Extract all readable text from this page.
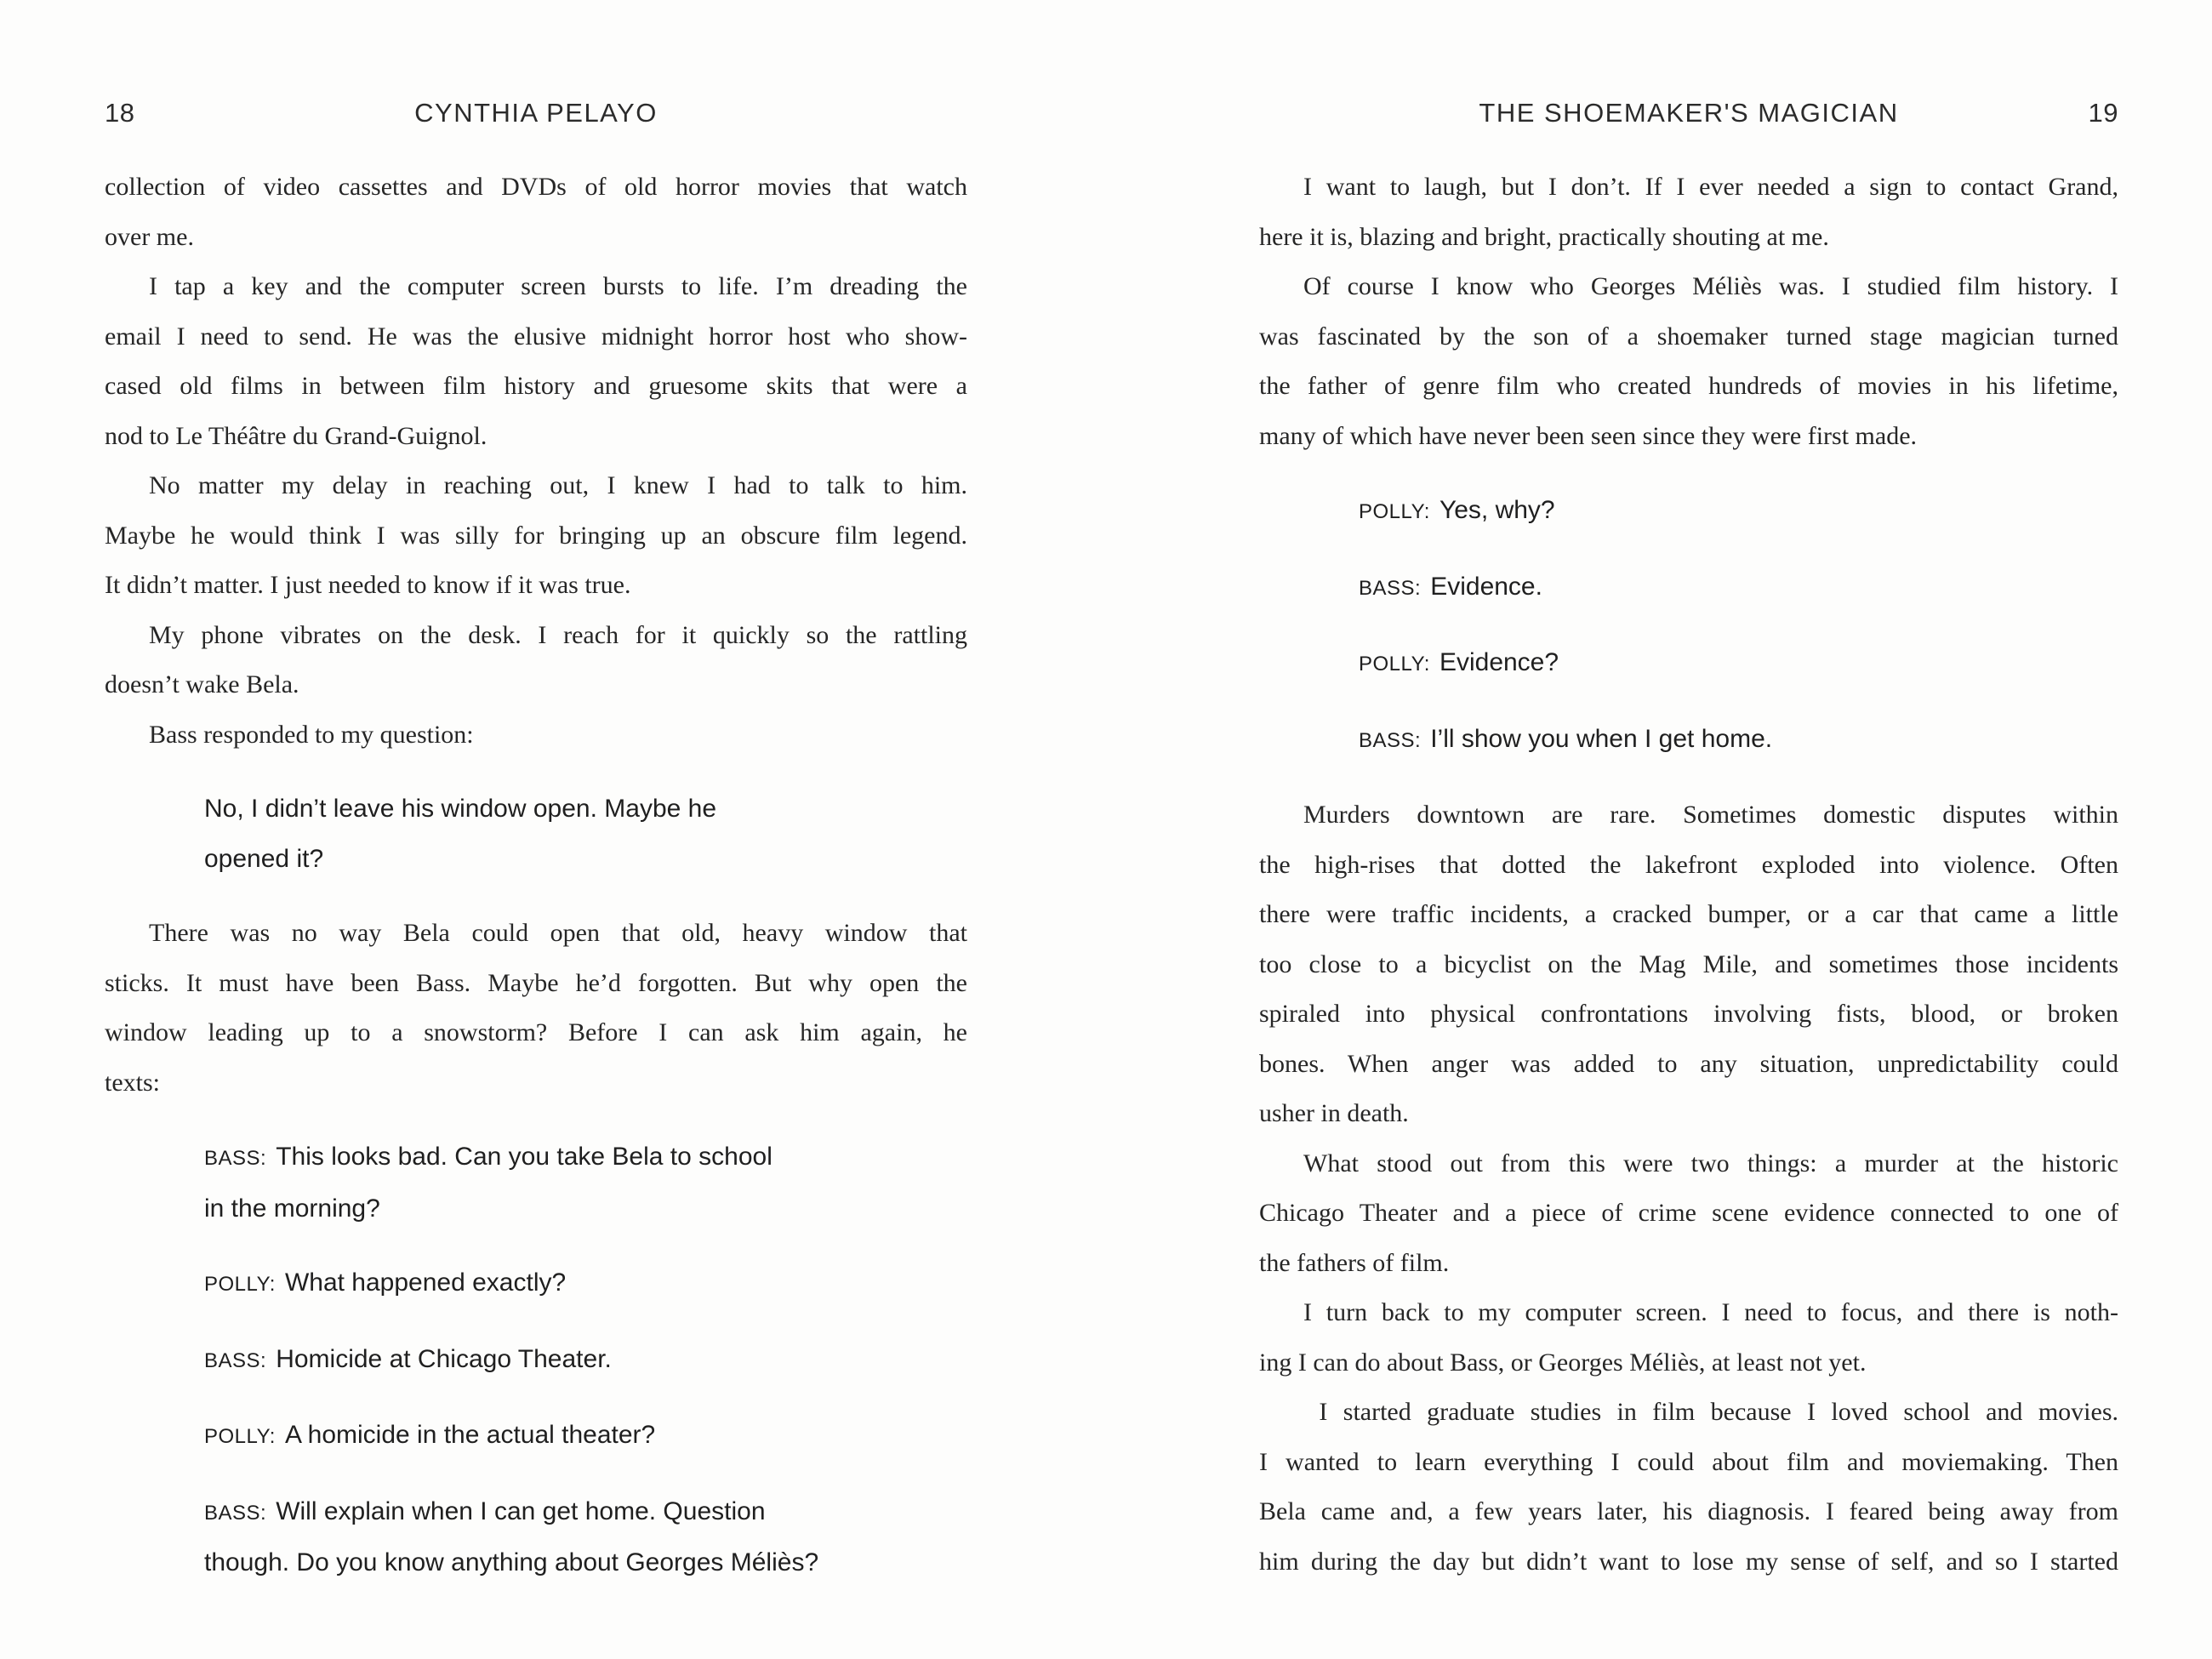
18	CYNTHIA PELAYO
collection of video cassettes and DVDs of old horror movies that watch
over me.
I tap a key and the computer screen bursts to life. I’m dreading the
email I need to send. He was the elusive midnight horror host who show-
cased old films in between film history and gruesome skits that were a
nod to Le Théâtre du Grand-Guignol.
No matter my delay in reaching out, I knew I had to talk to him.
Maybe he would think I was silly for bringing up an obscure film legend.
It didn’t matter. I just needed to know if it was true.
My phone vibrates on the desk. I reach for it quickly so the rattling
doesn’t wake Bela.
Bass responded to my question:
No, I didn’t leave his window open. Maybe he
opened it?
There was no way Bela could open that old, heavy window that
sticks. It must have been Bass. Maybe he’d forgotten. But why open the
window leading up to a snowstorm? Before I can ask him again, he
texts:
BASS: This looks bad. Can you take Bela to school
in the morning?
POLLY: What happened exactly?
BASS: Homicide at Chicago Theater.
POLLY: A homicide in the actual theater?
BASS: Will explain when I can get home. Question
though. Do you know anything about Georges Méliès?
THE SHOEMAKER'S MAGICIAN	19
I want to laugh, but I don’t. If I ever needed a sign to contact Grand,
here it is, blazing and bright, practically shouting at me.
Of course I know who Georges Méliès was. I studied film history. I
was fascinated by the son of a shoemaker turned stage magician turned
the father of genre film who created hundreds of movies in his lifetime,
many of which have never been seen since they were first made.
POLLY: Yes, why?
BASS: Evidence.
POLLY: Evidence?
BASS: I’ll show you when I get home.
Murders downtown are rare. Sometimes domestic disputes within
the high-rises that dotted the lakefront exploded into violence. Often
there were traffic incidents, a cracked bumper, or a car that came a little
too close to a bicyclist on the Mag Mile, and sometimes those incidents
spiraled into physical confrontations involving fists, blood, or broken
bones. When anger was added to any situation, unpredictability could
usher in death.
What stood out from this were two things: a murder at the historic
Chicago Theater and a piece of crime scene evidence connected to one of
the fathers of film.
I turn back to my computer screen. I need to focus, and there is noth-
ing I can do about Bass, or Georges Méliès, at least not yet.
I started graduate studies in film because I loved school and movies.
I wanted to learn everything I could about film and moviemaking. Then
Bela came and, a few years later, his diagnosis. I feared being away from
him during the day but didn’t want to lose my sense of self, and so I started
